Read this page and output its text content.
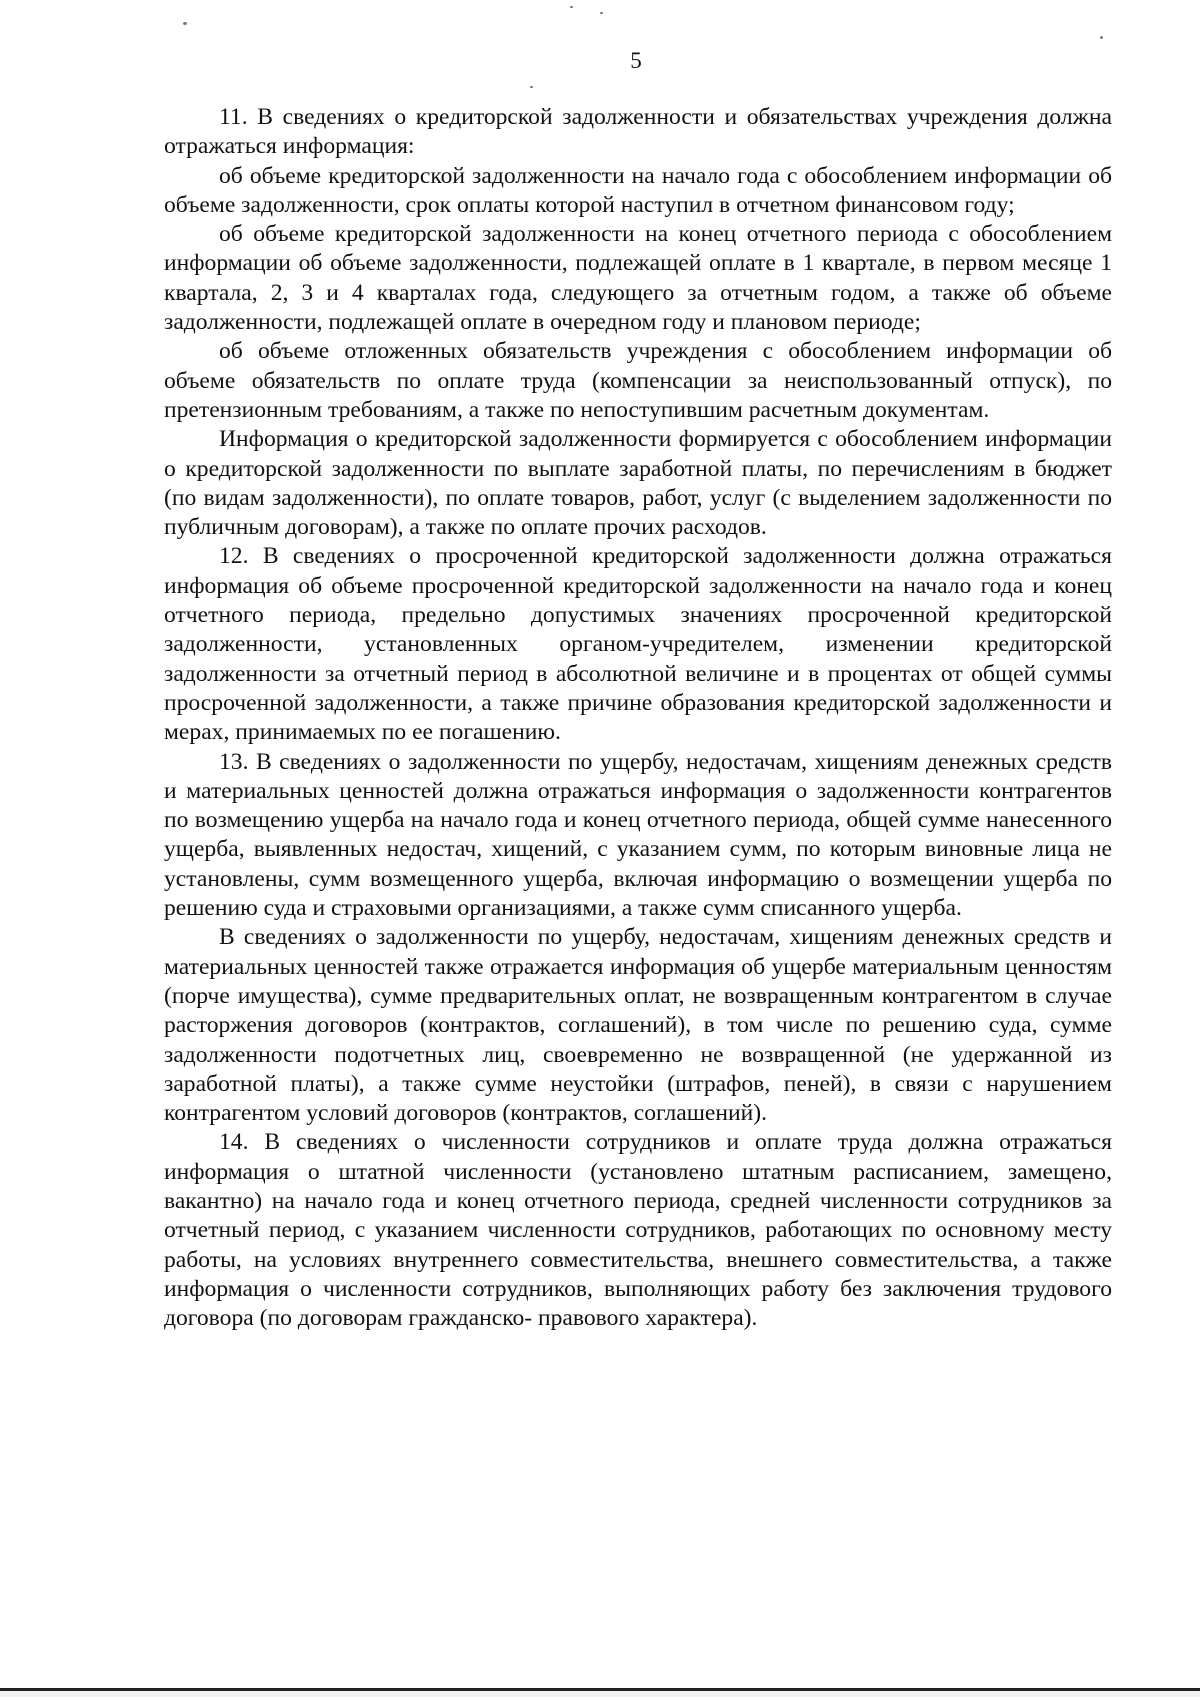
5

11. В сведениях о кредиторской задолженности и обязательствах учреждения должна отражаться информация:

об объеме кредиторской задолженности на начало года с обособлением информации об объеме задолженности, срок оплаты которой наступил в отчетном финансовом году;

об объеме кредиторской задолженности на конец отчетного периода с обособлением информации об объеме задолженности, подлежащей оплате в 1 квартале, в первом месяце 1 квартала, 2, 3 и 4 кварталах года, следующего за отчетным годом, а также об объеме задолженности, подлежащей оплате в очередном году и плановом периоде;

об объеме отложенных обязательств учреждения с обособлением информации об объеме обязательств по оплате труда (компенсации за неиспользованный отпуск), по претензионным требованиям, а также по непоступившим расчетным документам.

Информация о кредиторской задолженности формируется с обособлением информации о кредиторской задолженности по выплате заработной платы, по перечислениям в бюджет (по видам задолженности), по оплате товаров, работ, услуг (с выделением задолженности по публичным договорам), а также по оплате прочих расходов.

12. В сведениях о просроченной кредиторской задолженности должна отражаться информация об объеме просроченной кредиторской задолженности на начало года и конец отчетного периода, предельно допустимых значениях просроченной кредиторской задолженности, установленных органом-учредителем, изменении кредиторской задолженности за отчетный период в абсолютной величине и в процентах от общей суммы просроченной задолженности, а также причине образования кредиторской задолженности и мерах, принимаемых по ее погашению.

13. В сведениях о задолженности по ущербу, недостачам, хищениям денежных средств и материальных ценностей должна отражаться информация о задолженности контрагентов по возмещению ущерба на начало года и конец отчетного периода, общей сумме нанесенного ущерба, выявленных недостач, хищений, с указанием сумм, по которым виновные лица не установлены, сумм возмещенного ущерба, включая информацию о возмещении ущерба по решению суда и страховыми организациями, а также сумм списанного ущерба.

В сведениях о задолженности по ущербу, недостачам, хищениям денежных средств и материальных ценностей также отражается информация об ущербе материальным ценностям (порче имущества), сумме предварительных оплат, не возвращенным контрагентом в случае расторжения договоров (контрактов, соглашений), в том числе по решению суда, сумме задолженности подотчетных лиц, своевременно не возвращенной (не удержанной из заработной платы), а также сумме неустойки (штрафов, пеней), в связи с нарушением контрагентом условий договоров (контрактов, соглашений).

14. В сведениях о численности сотрудников и оплате труда должна отражаться информация о штатной численности (установлено штатным расписанием, замещено, вакантно) на начало года и конец отчетного периода, средней численности сотрудников за отчетный период, с указанием численности сотрудников, работающих по основному месту работы, на условиях внутреннего совместительства, внешнего совместительства, а также информация о численности сотрудников, выполняющих работу без заключения трудового договора (по договорам гражданско- правового характера).
